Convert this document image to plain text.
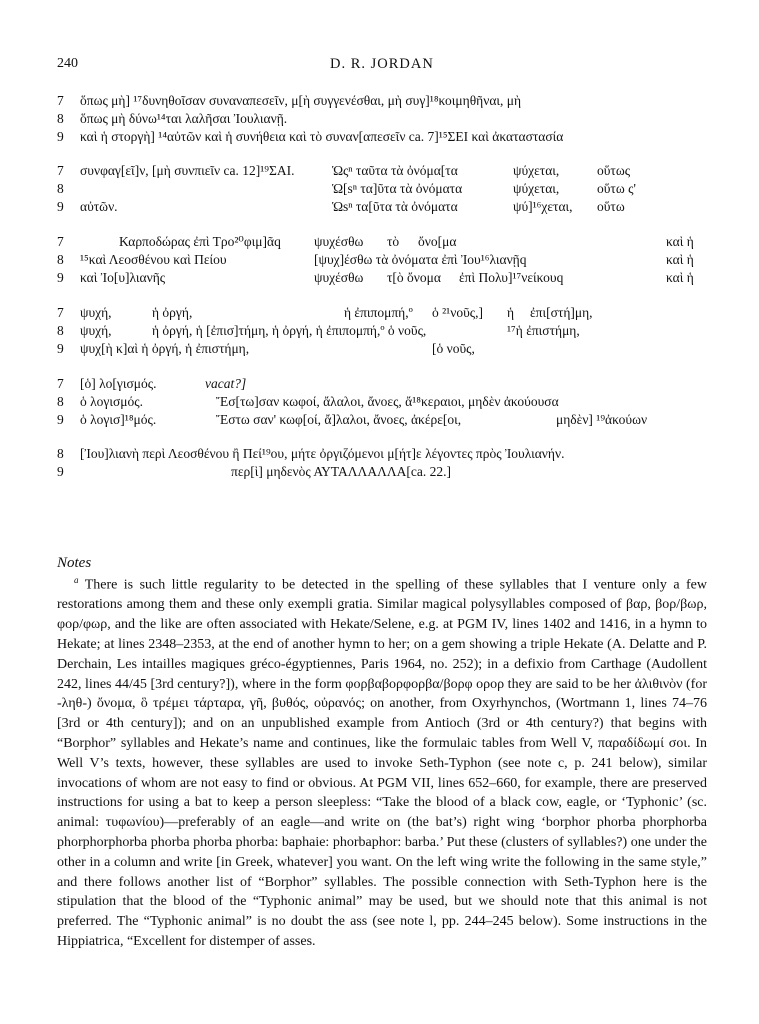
240	D. R. JORDAN
7 ὅπως μὴ] ¹⁷δυνηθοῖσαν συναναπεσεῖν, μ[ὴ συγγενέσθαι, μὴ συγ]¹⁸κοιμηθῆναι, μὴ
8 ὅπως μὴ δύνω¹⁴ται λαλῆσαι Ἰουλιανῇ.
9 καὶ ἡ στοργὴ] ¹⁴αὐτῶν καὶ ἡ συνήθεια καὶ τὸ συναν[απεσεῖν ca. 7]¹⁵ΣΕΙ καὶ ἀκαταστασία
7 συνφαγ[εῖ]ν, [μὴ συνπιεῖν ca. 12]¹⁹ΣΑΙ.	Ὡςⁿ ταῦτα τὰ ὀνόμα[τα	ψύχεται,	οὕτως
8	Ὡ[sⁿ τα]ῦτα τὰ ὀνόματα	ψύχεται,	οὕτω ς'
9 αὐτῶν.	Ὡsⁿ τα[ῦτα τὰ ὀνόματα	ψύ]¹⁶χεται, οὕτω
7	Καρποδώρας ἐπὶ Τρο²⁰φιμ]ᾶq ψυχέσθω τὸ ὄνο[μα	καὶ ἡ
8 ¹⁵καὶ Λεοσθένου καὶ Πείου	[ψυχ]έσθω τὰ ὀνόματα ἐπὶ Ἰου¹⁶λιανῇq	καὶ ἡ
9 καὶ Ἰο[υ]λιανῆς	ψυχέσθω τ[ὸ ὄνομα ἐπὶ Πολυ]¹⁷νείκουq	καὶ ἡ
7 ψυχή,	ἡ ὀργή,	ἡ ἐπιπομπή,º ὁ ²¹νοῦς,] ἡ ἐπι[στή]μη,
8 ψυχή,	ἡ ὀργή, ἡ [ἐπισ]τήμη, ἡ ὀργή, ἡ ἐπιπομπή,º ὁ νοῦς,	¹⁷ἡ ἐπιστήμη,
9 ψυχ[ὴ κ]αὶ ἡ ὀργή, ἡ ἐπιστήμη,	[ὁ νοῦς,
7 [ὁ] λο[γισμός.	vacat?]
8 ὁ λογισμός.	Ἔσ[τω]σαν κωφοί, ἄλαλοι, ἄνοες, ἄ¹⁸κεραιοι, μηδὲν ἀκούουσα
9 ὁ λογισ]¹⁸μός.	Ἔστω σαν' κωφ[οί, ἄ]λαλοι, ἄνοες, ἀκέρε[οι,	μηδὲν] ¹⁹ἀκούων
8 [Ἰου]λιανὴ περὶ Λεοσθένου ἢ Πεί¹⁹ου, μήτε ὀργιζόμενοι μ[ήτ]ε λέγοντες πρὸς Ἰουλιανήν.
9	περ[ὶ] μηδενὸς ΑΥΤΑΛΛΑΛΛΑ[ca. 22.]
Notes

$^a$ There is such little regularity to be detected in the spelling of these syllables that I venture only a few restorations among them and these only exempli gratia. Similar magical polysyllables composed of βαρ, βορ/βωρ, φορ/φωρ, and the like are often associated with Hekate/Selene, e.g. at PGM IV, lines 1402 and 1416, in a hymn to Hekate; at lines 2348–2353, at the end of another hymn to her; on a gem showing a triple Hekate (A. Delatte and P. Derchain, Les intailles magiques gréco-égyptiennes, Paris 1964, no. 252); in a defixio from Carthage (Audollent 242, lines 44/45 [3rd century?]), where in the form φορβαβορφορβα/βορφ ορορ they are said to be her ἀλιθινὸν (for -ληθ-) ὄνομα, ὃ τρέμει τάρταρα, γῆ, βυθός, οὐρανός; on another, from Oxyrhynchos, (Wortmann 1, lines 74–76 [3rd or 4th century]); and on an unpublished example from Antioch (3rd or 4th century?) that begins with “Borphor” syllables and Hekate’s name and continues, like the formulaic tables from Well V, παραδίδωμί σοι. In Well V’s texts, however, these syllables are used to invoke Seth-Typhon (see note c, p. 241 below), similar invocations of whom are not easy to find or obvious. At PGM VII, lines 652–660, for example, there are preserved instructions for using a bat to keep a person sleepless: “Take the blood of a black cow, eagle, or ‘Typhonic’ (sc. animal: τυφωνίου)—preferably of an eagle—and write on (the bat’s) right wing ‘borphor phorba phorphorba phorphorphorba phorba phorba phorba: baphaie: phorbaphor: barba.’ Put these (clusters of syllables?) one under the other in a column and write [in Greek, whatever] you want. On the left wing write the following in the same style,” and there follows another list of “Borphor” syllables. The possible connection with Seth-Typhon here is the stipulation that the blood of the “Typhonic animal” may be used, but we should note that this animal is not preferred. The “Typhonic animal” is no doubt the ass (see note l, pp. 244–245 below). Some instructions in the Hippiatrica, “Excellent for distemper of asses.
